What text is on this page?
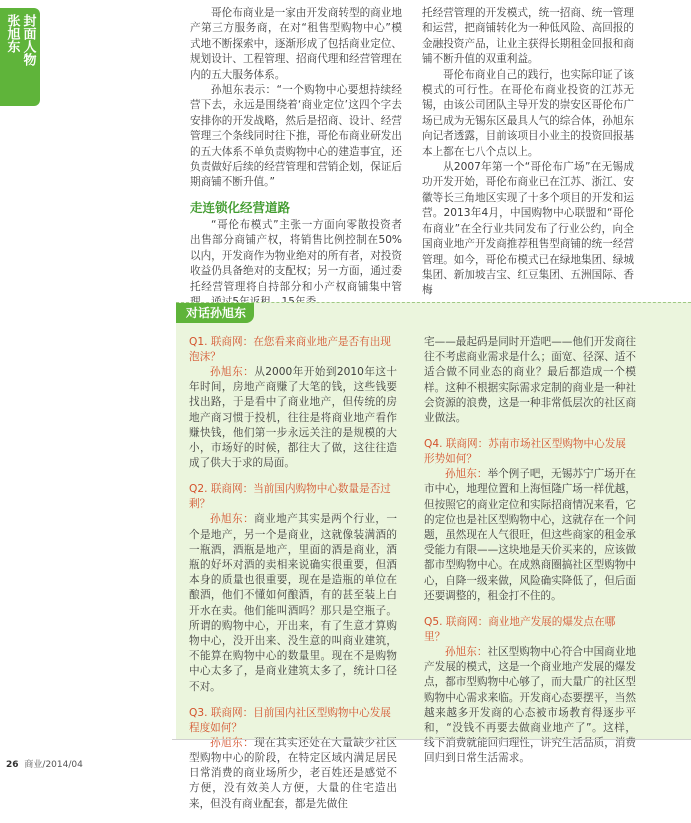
封面人物
张旭东

哥伦布商业是一家由开发商转型的商业地产第三方服务商，在对“租售型购物中心”模式地不断探索中，逐渐形成了包括商业定位、规划设计、工程管理、招商代理和经营管理在内的五大服务体系。

孙旭东表示：“一个购物中心要想持续经营下去，永远是围绕着‘商业定位’这四个字去安排你的开发战略，然后是招商、设计、经营管理三个条线同时往下推，哥伦布商业研发出的五大体系不单负责购物中心的建造事宜，还负责做好后续的经营管理和营销企划，保证后期商铺不断升值。”

走连锁化经营道路

“哥伦布模式”主张一方面向零散投资者出售部分商铺产权，将销售比例控制在50%以内，开发商作为物业绝对的所有者，对投资收益仍具备绝对的支配权；另一方面，通过委托经营管理将自持部分和小产权商铺集中管

托经营管理的开发模式，统一招商、统一管理和运营，把商铺转化为一种低风险、高回报的金融投资产品，让业主获得长期租金回报和商铺不断升值的双重利益。

哥伦布商业自己的践行，也实际印证了该模式的可行性。在哥伦布商业投资的江苏无锡，由该公司团队主导开发的崇安区哥伦布广场已成为无锡东区最具人气的综合体，孙旭东向记者透露，目前该项目小业主的投资回报基本上都在七八个点以上。

从2007年第一个“哥伦布广场”在无锡成功开发开始，哥伦布商业已在江苏、浙江、安徽等长三角地区实现了十多个项目的开发和运营。2013年4月，中国购物中心联盟和“哥伦布商业”在全行业共同发布了行业公约，向全国商业地产开发商推荐租售型商铺的统一经营管理。如今，哥伦布模式已在绿地集团、绿城集团、新加坡吉宝、红豆集团、五洲国际、香梅

对话孙旭东

Q1. 联商网：在您看来商业地产是否有出现泡沫？

孙旭东：从2000年开始到2010年这十年时间，房地产商赚了大笔的钱，这些钱要找出路，于是看中了商业地产，但传统的房地产商习惯于投机，往往是将商业地产看作赚快钱，他们第一步永远关注的是规模的大小，市场好的时候，都往大了做，这往往造成了供大于求的局面。

Q2. 联商网：当前国内购物中心数量是否过剩？

孙旭东：商业地产其实是两个行业，一个是地产，另一个是商业，这就像装满酒的一瓶酒，酒瓶是地产，里面的酒是商业，酒瓶的好坏对酒的卖相来说确实很重要，但酒本身的质量也很重要，现在是造瓶的单位在酿酒，他们不懂如何酿酒，有的甚至装上白开水在卖。他们能叫酒吗？那只是空瓶子。所谓的购物中心，开出来，有了生意才算购物中心，没开出来、没生意的叫商业建筑，不能算在购物中心的数量里。现在不是购物中心太多了，是商业建筑太多了，统计口径不对。

Q3. 联商网：目前国内社区型购物中心发展程度如何？

孙旭东：现在其实还处在大量缺少社区型购物中心的阶段，在特定区域内满足居民日常消费的商业场所少，老百姓还是感觉不方便，没有效美人方便，大量的住宅造出来，但没有商业配套，都是先做住

宅——最起码是同时开造吧——他们开发商往往不考虑商业需求是什么；面宽、径深、适不适合做不同业态的商业？最后都造成一个模样。这种不根据实际需求定制的商业是一种社会资源的浪费，这是一种非常低层次的社区商业做法。

Q4. 联商网：苏南市场社区型购物中心发展形势如何？

孙旭东：举个例子吧，无锡苏宁广场开在市中心，地理位置和上海恒隆广场一样优越，但按照它的商业定位和实际招商情况来看，它的定位也是社区型购物中心，这就存在一个问题，虽然现在人气很旺，但这些商家的租金承受能力有限——这块地是天价买来的，应该做都市型购物中心。在成熟商圈搞社区型购物中心，自降一级来做，风险确实降低了，但后面还要调整的，租金打不住的。

Q5. 联商网：商业地产发展的爆发点在哪里？

孙旭东：社区型购物中心符合中国商业地产发展的模式，这是一个商业地产发展的爆发点，都市型购物中心够了，而大量广的社区型购物中心需求来临。开发商心态要摆平，当然越来越多开发商的心态被市场教育得逐步平和，“没钱不再要去做商业地产了”。这样，线下消费就能回归理性，讲究生活品质，消费回归到日常生活需求。

26 商业/2014/04
